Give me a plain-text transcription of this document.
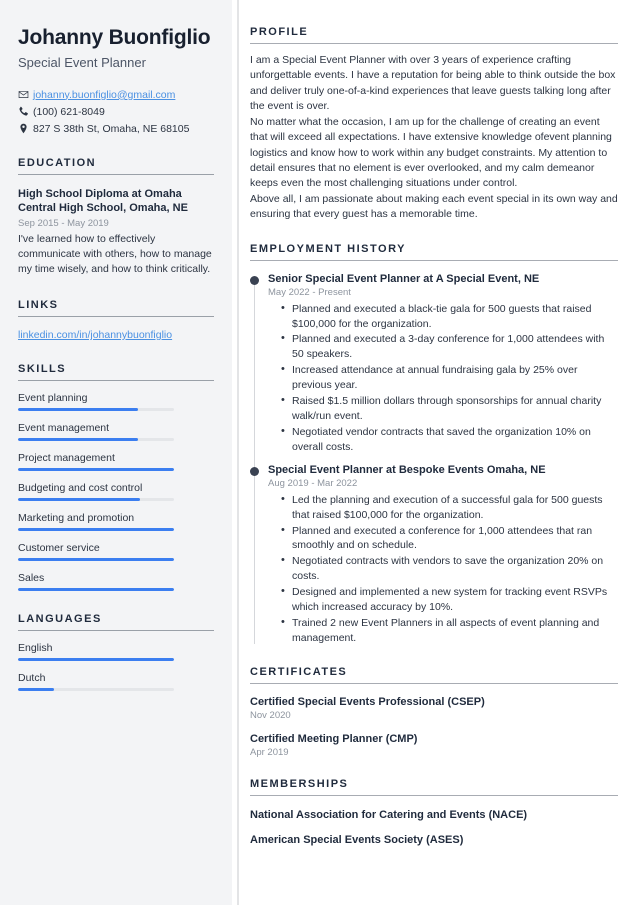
Johanny Buonfiglio
Special Event Planner
johanny.buonfiglio@gmail.com
(100) 621-8049
827 S 38th St, Omaha, NE 68105
EDUCATION
High School Diploma at Omaha Central High School, Omaha, NE
Sep 2015 - May 2019
I've learned how to effectively communicate with others, how to manage my time wisely, and how to think critically.
LINKS
linkedin.com/in/johannybuonfiglio
SKILLS
Event planning
Event management
Project management
Budgeting and cost control
Marketing and promotion
Customer service
Sales
LANGUAGES
English
Dutch
PROFILE

I am a Special Event Planner with over 3 years of experience crafting unforgettable events. I have a reputation for being able to think outside the box and deliver truly one-of-a-kind experiences that leave guests talking long after the event is over.

No matter what the occasion, I am up for the challenge of creating an event that will exceed all expectations. I have extensive knowledge ofevent planning logistics and know how to work within any budget constraints. My attention to detail ensures that no element is ever overlooked, and my calm demeanor keeps even the most challenging situations under control.

Above all, I am passionate about making each event special in its own way and ensuring that every guest has a memorable time.

EMPLOYMENT HISTORY
Senior Special Event Planner at A Special Event, NE
May 2022 - Present
• Planned and executed a black-tie gala for 500 guests that raised $100,000 for the organization.
• Planned and executed a 3-day conference for 1,000 attendees with 50 speakers.
• Increased attendance at annual fundraising gala by 25% over previous year.
• Raised $1.5 million dollars through sponsorships for annual charity walk/run event.
• Negotiated vendor contracts that saved the organization 10% on overall costs.
Special Event Planner at Bespoke Events Omaha, NE
Aug 2019 - Mar 2022
• Led the planning and execution of a successful gala for 500 guests that raised $100,000 for the organization.
• Planned and executed a conference for 1,000 attendees that ran smoothly and on schedule.
• Negotiated contracts with vendors to save the organization 20% on costs.
• Designed and implemented a new system for tracking event RSVPs which increased accuracy by 10%.
• Trained 2 new Event Planners in all aspects of event planning and management.
CERTIFICATES
Certified Special Events Professional (CSEP)
Nov 2020
Certified Meeting Planner (CMP)
Apr 2019
MEMBERSHIPS
National Association for Catering and Events (NACE)
American Special Events Society (ASES)
